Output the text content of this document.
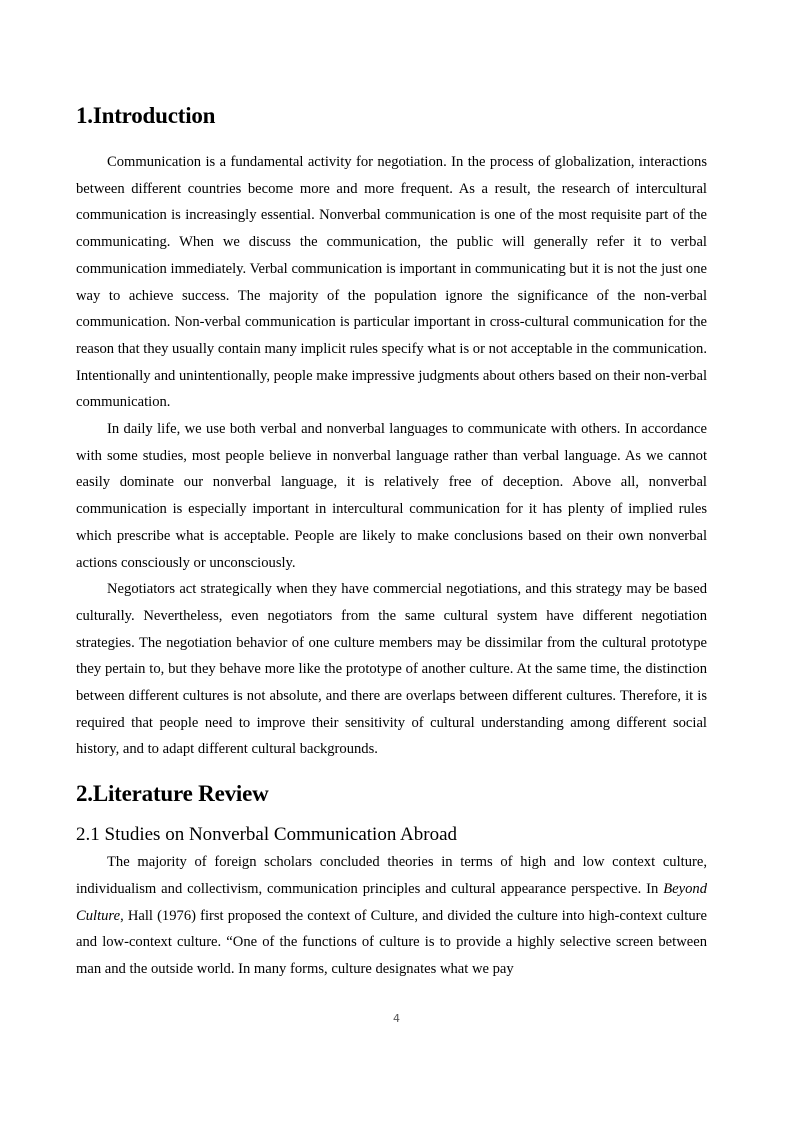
1.Introduction

Communication is a fundamental activity for negotiation. In the process of globalization, interactions between different countries become more and more frequent. As a result, the research of intercultural communication is increasingly essential. Nonverbal communication is one of the most requisite part of the communicating. When we discuss the communication, the public will generally refer it to verbal communication immediately. Verbal communication is important in communicating but it is not the just one way to achieve success. The majority of the population ignore the significance of the non-verbal communication. Non-verbal communication is particular important in cross-cultural communication for the reason that they usually contain many implicit rules specify what is or not acceptable in the communication. Intentionally and unintentionally, people make impressive judgments about others based on their non-verbal communication.

In daily life, we use both verbal and nonverbal languages to communicate with others. In accordance with some studies, most people believe in nonverbal language rather than verbal language. As we cannot easily dominate our nonverbal language, it is relatively free of deception. Above all, nonverbal communication is especially important in intercultural communication for it has plenty of implied rules which prescribe what is acceptable. People are likely to make conclusions based on their own nonverbal actions consciously or unconsciously.

Negotiators act strategically when they have commercial negotiations, and this strategy may be based culturally. Nevertheless, even negotiators from the same cultural system have different negotiation strategies. The negotiation behavior of one culture members may be dissimilar from the cultural prototype they pertain to, but they behave more like the prototype of another culture. At the same time, the distinction between different cultures is not absolute, and there are overlaps between different cultures. Therefore, it is required that people need to improve their sensitivity of cultural understanding among different social history, and to adapt different cultural backgrounds.

2.Literature Review
2.1 Studies on Nonverbal Communication Abroad

The majority of foreign scholars concluded theories in terms of high and low context culture, individualism and collectivism, communication principles and cultural appearance perspective. In Beyond Culture, Hall (1976) first proposed the context of Culture, and divided the culture into high-context culture and low-context culture. “One of the functions of culture is to provide a highly selective screen between man and the outside world. In many forms, culture designates what we pay

4
